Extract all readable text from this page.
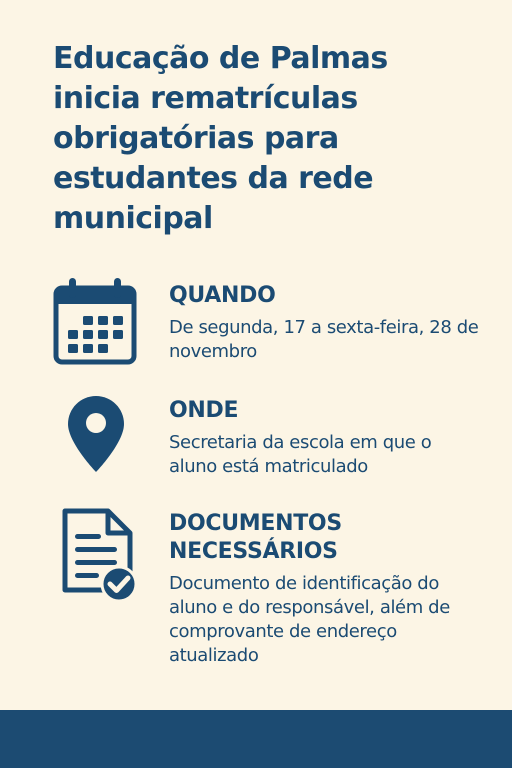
Educação de Palmas inicia rematrículas obrigatórias para estudantes da rede municipal
QUANDO

De segunda, 17 a sexta-feira, 28 de novembro

ONDE

Secretaria da escola em que o aluno está matriculado

DOCUMENTOS NECESSÁRIOS

Documento de identificação do aluno e do responsável, além de comprovante de endereço atualizado
